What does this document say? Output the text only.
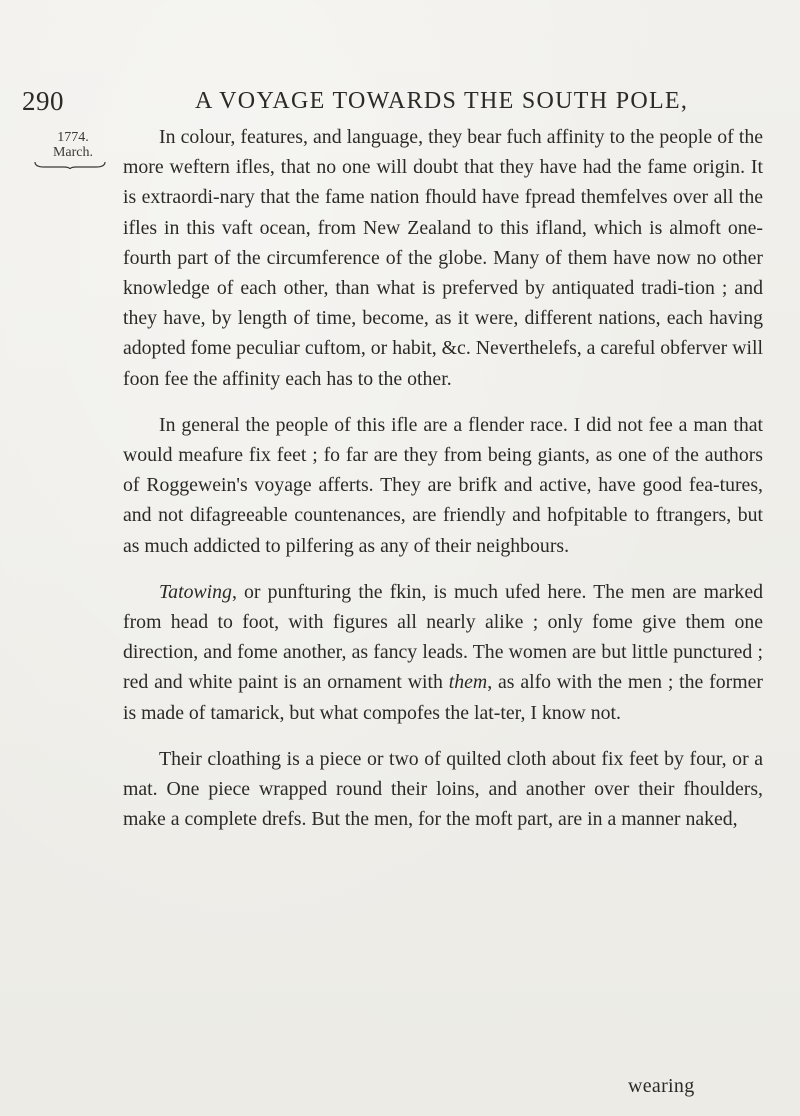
290	A VOYAGE TOWARDS THE SOUTH POLE,
1774.
March.

In colour, features, and language, they bear fuch affinity to the people of the more weftern ifles, that no one will doubt that they have had the fame origin. It is extraordi-nary that the fame nation fhould have fpread themfelves over all the ifles in this vaft ocean, from New Zealand to this ifland, which is almoft one-fourth part of the circumference of the globe. Many of them have now no other knowledge of each other, than what is preferved by antiquated tradi-tion ; and they have, by length of time, become, as it were, different nations, each having adopted fome peculiar cuftom, or habit, &c. Neverthelefs, a careful obferver will foon fee the affinity each has to the other.

In general the people of this ifle are a flender race. I did not fee a man that would meafure fix feet ; fo far are they from being giants, as one of the authors of Roggewein's voyage afferts. They are brifk and active, have good fea-tures, and not difagreeable countenances, are friendly and hofpitable to ftrangers, but as much addicted to pilfering as any of their neighbours.

Tatowing, or punfturing the fkin, is much ufed here. The men are marked from head to foot, with figures all nearly alike ; only fome give them one direction, and fome another, as fancy leads. The women are but little punctured ; red and white paint is an ornament with them, as alfo with the men ; the former is made of tamarick, but what compofes the lat-ter, I know not.

Their cloathing is a piece or two of quilted cloth about fix feet by four, or a mat. One piece wrapped round their loins, and another over their fhoulders, make a complete drefs. But the men, for the moft part, are in a manner naked,

wearing
